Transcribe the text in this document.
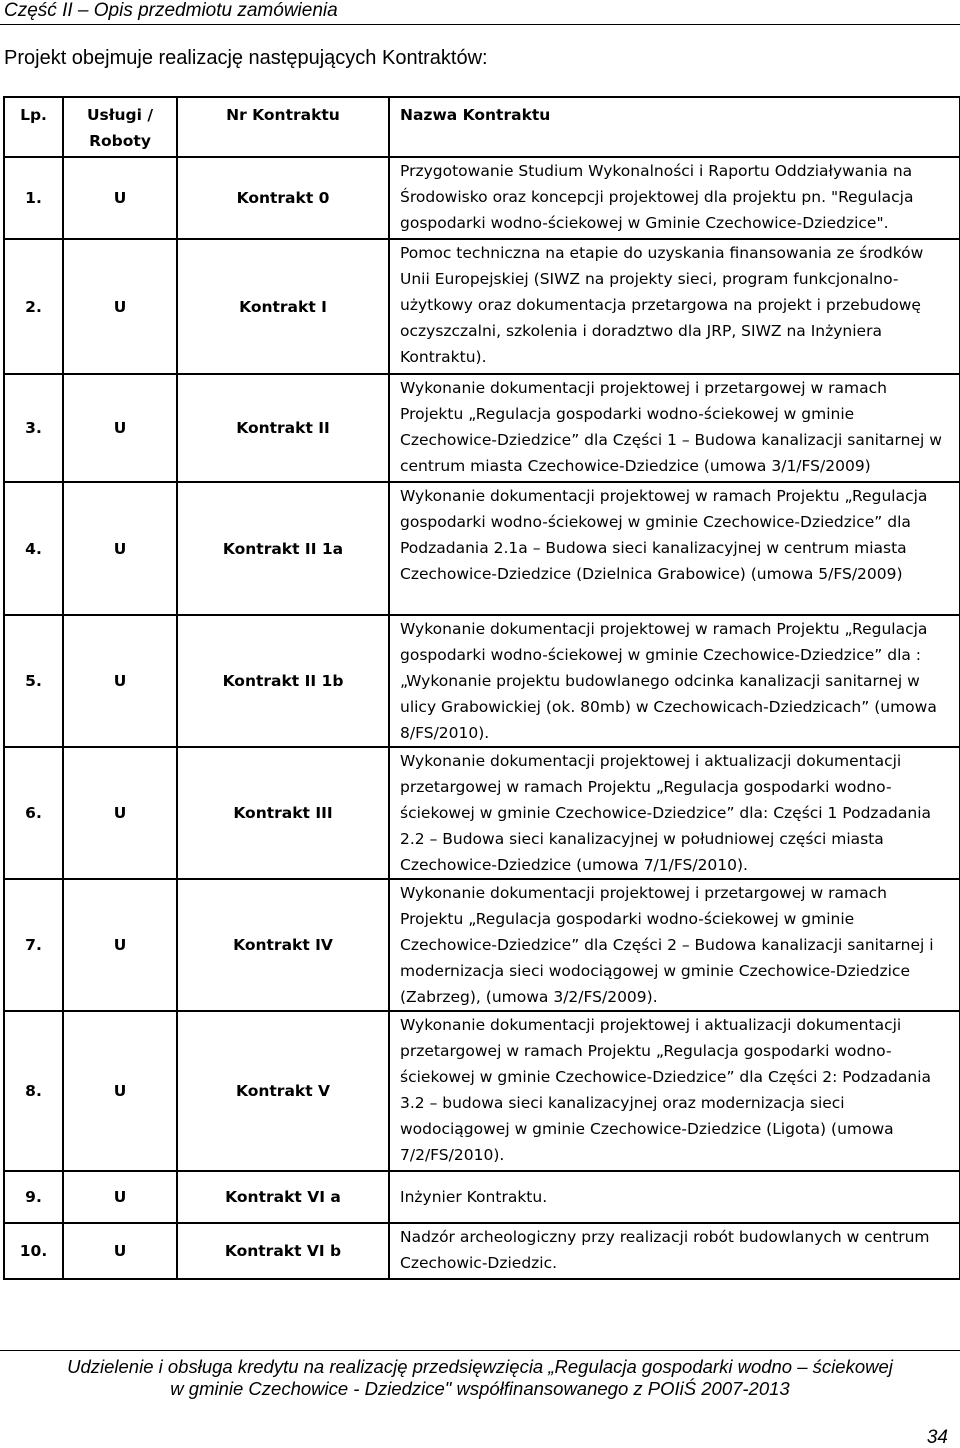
Część II – Opis przedmiotu zamówienia
Projekt obejmuje realizację następujących Kontraktów:
Lp.	Usługi / Roboty	Nr Kontraktu	Nazwa Kontraktu
1.	U	Kontrakt 0	Przygotowanie Studium Wykonalności i Raportu Oddziaływania na Środowisko oraz koncepcji projektowej dla projektu pn. "Regulacja gospodarki wodno-ściekowej w Gminie Czechowice-Dziedzice".
2.	U	Kontrakt I	Pomoc techniczna na etapie do uzyskania finansowania ze środków Unii Europejskiej (SIWZ na projekty sieci, program funkcjonalno-użytkowy oraz dokumentacja przetargowa na projekt i przebudowę oczyszczalni, szkolenia i doradztwo dla JRP, SIWZ na Inżyniera Kontraktu).
3.	U	Kontrakt II	Wykonanie dokumentacji projektowej i przetargowej w ramach Projektu „Regulacja gospodarki wodno-ściekowej w gminie Czechowice-Dziedzice” dla Części 1 – Budowa kanalizacji sanitarnej w centrum miasta Czechowice-Dziedzice (umowa 3/1/FS/2009)
4.	U	Kontrakt II 1a	Wykonanie dokumentacji projektowej w ramach Projektu „Regulacja gospodarki wodno-ściekowej w gminie Czechowice-Dziedzice” dla Podzadania 2.1a – Budowa sieci kanalizacyjnej w centrum miasta Czechowice-Dziedzice (Dzielnica Grabowice) (umowa 5/FS/2009)
5.	U	Kontrakt II 1b	Wykonanie dokumentacji projektowej w ramach Projektu „Regulacja gospodarki wodno-ściekowej w gminie Czechowice-Dziedzice” dla : „Wykonanie projektu budowlanego odcinka kanalizacji sanitarnej w ulicy Grabowickiej (ok. 80mb) w Czechowicach-Dziedzicach” (umowa 8/FS/2010).
6.	U	Kontrakt III	Wykonanie dokumentacji projektowej i aktualizacji dokumentacji przetargowej w ramach Projektu „Regulacja gospodarki wodno-ściekowej w gminie Czechowice-Dziedzice” dla: Części 1 Podzadania 2.2 – Budowa sieci kanalizacyjnej w południowej części miasta Czechowice-Dziedzice (umowa 7/1/FS/2010).
7.	U	Kontrakt IV	Wykonanie dokumentacji projektowej i przetargowej w ramach Projektu „Regulacja gospodarki wodno-ściekowej w gminie Czechowice-Dziedzice” dla Części 2 – Budowa kanalizacji sanitarnej i modernizacja sieci wodociągowej w gminie Czechowice-Dziedzice (Zabrzeg), (umowa 3/2/FS/2009).
8.	U	Kontrakt V	Wykonanie dokumentacji projektowej i aktualizacji dokumentacji przetargowej w ramach Projektu „Regulacja gospodarki wodno-ściekowej w gminie Czechowice-Dziedzice” dla Części 2: Podzadania 3.2 – budowa sieci kanalizacyjnej oraz modernizacja sieci wodociągowej w gminie Czechowice-Dziedzice (Ligota) (umowa 7/2/FS/2010).
9.	U	Kontrakt VI a	Inżynier Kontraktu.
10.	U	Kontrakt VI b	Nadzór archeologiczny przy realizacji robót budowlanych w centrum Czechowic-Dziedzic.
Udzielenie i obsługa kredytu na realizację przedsięwzięcia „Regulacja gospodarki wodno – ściekowej
w gminie Czechowice - Dziedzice" współfinansowanego z POIiŚ 2007-2013
34
